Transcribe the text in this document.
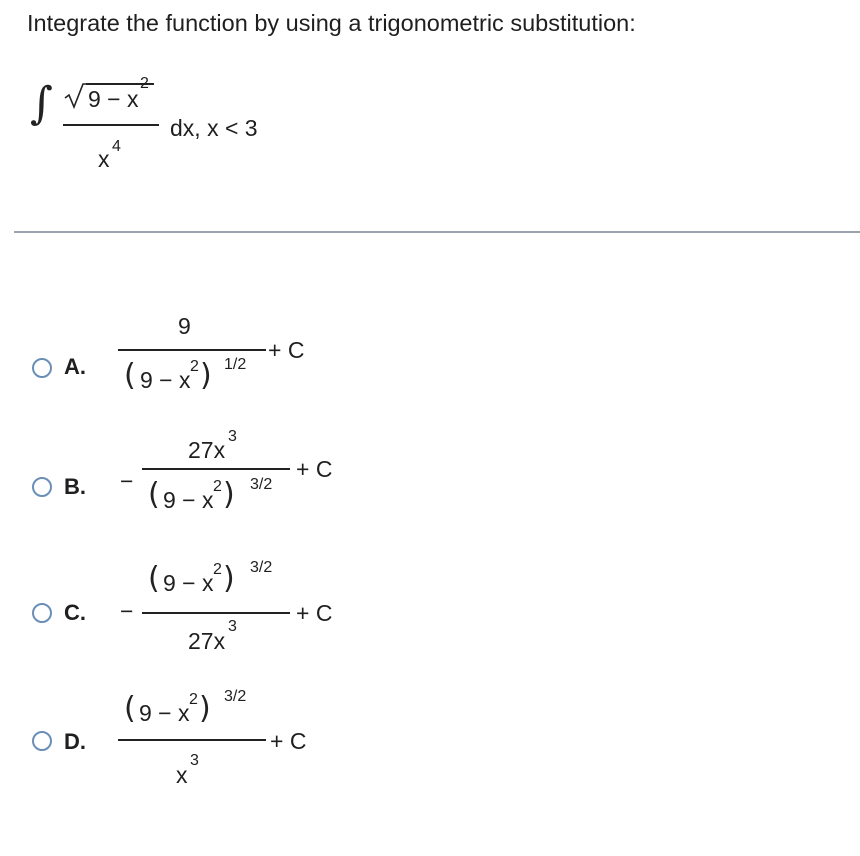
Integrate the function by using a trigonometric substitution:
∫ 9 − x
2
x 4
dx, x < 3
A.
9
( 9 − x
2 ) 1/2
+ C
B. −
27x
3
( 9 − x
2 ) 3/2
+ C
C. −
( 9 − x
2 ) 3/2
27x
3
+ C
D.
( 9 − x
2 ) 3/2
x
3
+ C
